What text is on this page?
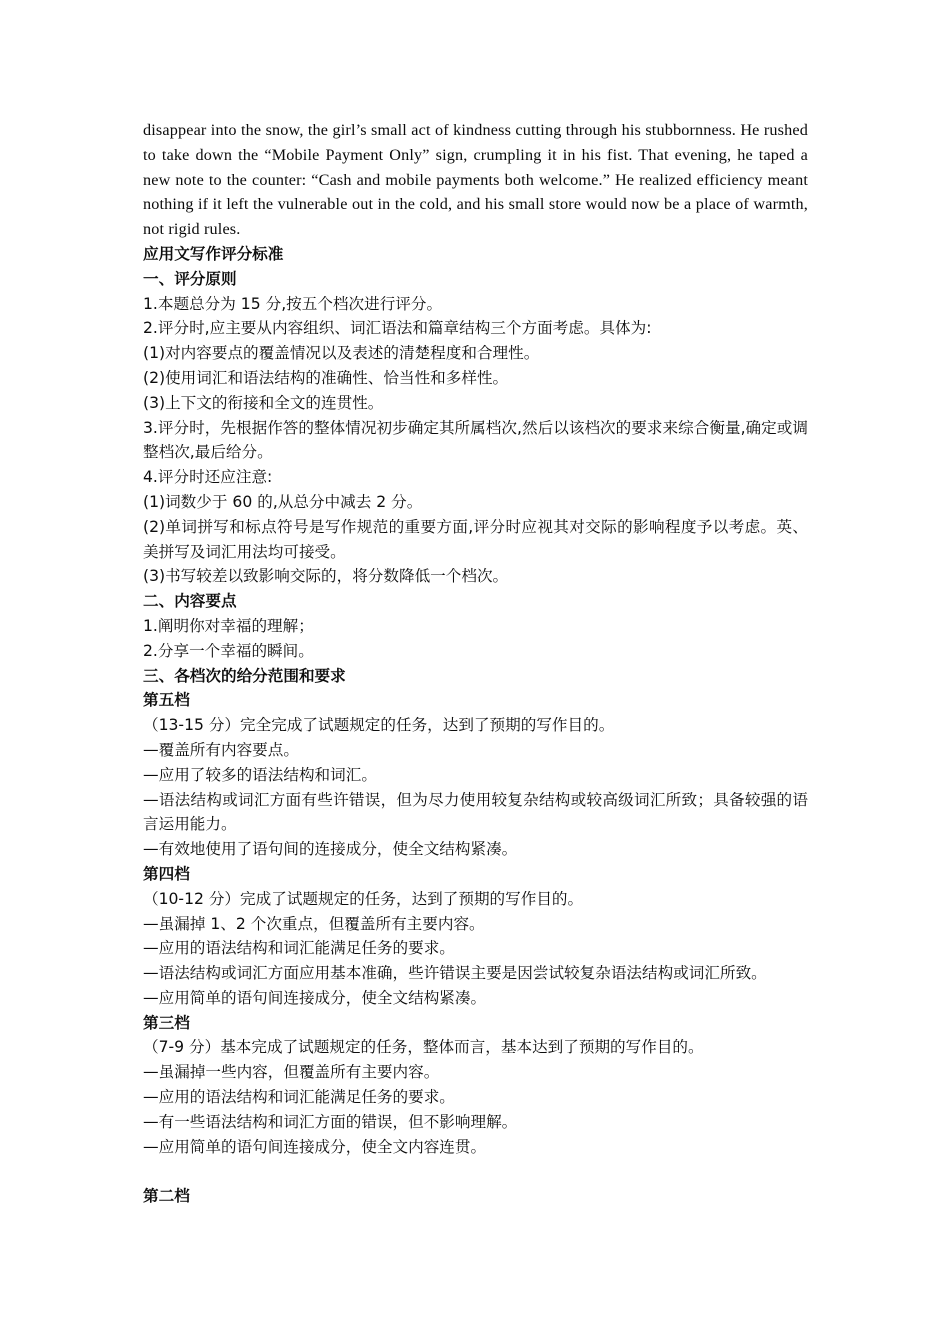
disappear into the snow, the girl’s small act of kindness cutting through his stubbornness. He rushed to take down the “Mobile Payment Only” sign, crumpling it in his fist. That evening, he taped a new note to the counter: “Cash and mobile payments both welcome.” He realized efficiency meant nothing if it left the vulnerable out in the cold, and his small store would now be a place of warmth, not rigid rules.

应用文写作评分标准

一、评分原则

1.本题总分为 15 分,按五个档次进行评分。

2.评分时,应主要从内容组织、词汇语法和篇章结构三个方面考虑。具体为:

(1)对内容要点的覆盖情况以及表述的清楚程度和合理性。

(2)使用词汇和语法结构的准确性、恰当性和多样性。

(3)上下文的衔接和全文的连贯性。

3.评分时，先根据作答的整体情况初步确定其所属档次,然后以该档次的要求来综合衡量,确定或调整档次,最后给分。

4.评分时还应注意:

(1)词数少于 60 的,从总分中减去 2 分。

(2)单词拼写和标点符号是写作规范的重要方面,评分时应视其对交际的影响程度予以考虑。英、美拼写及词汇用法均可接受。

(3)书写较差以致影响交际的，将分数降低一个档次。

二、内容要点

1.阐明你对幸福的理解；

2.分享一个幸福的瞬间。

三、各档次的给分范围和要求

第五档

（13-15 分）完全完成了试题规定的任务，达到了预期的写作目的。

—覆盖所有内容要点。

—应用了较多的语法结构和词汇。

—语法结构或词汇方面有些许错误，但为尽力使用较复杂结构或较高级词汇所致；具备较强的语言运用能力。

—有效地使用了语句间的连接成分，使全文结构紧凑。

第四档

（10-12 分）完成了试题规定的任务，达到了预期的写作目的。

—虽漏掉 1、2 个次重点，但覆盖所有主要内容。

—应用的语法结构和词汇能满足任务的要求。

—语法结构或词汇方面应用基本准确，些许错误主要是因尝试较复杂语法结构或词汇所致。

—应用简单的语句间连接成分，使全文结构紧凑。

第三档

（7-9 分）基本完成了试题规定的任务，整体而言，基本达到了预期的写作目的。

—虽漏掉一些内容，但覆盖所有主要内容。

—应用的语法结构和词汇能满足任务的要求。

—有一些语法结构和词汇方面的错误，但不影响理解。

—应用简单的语句间连接成分，使全文内容连贯。

第二档
